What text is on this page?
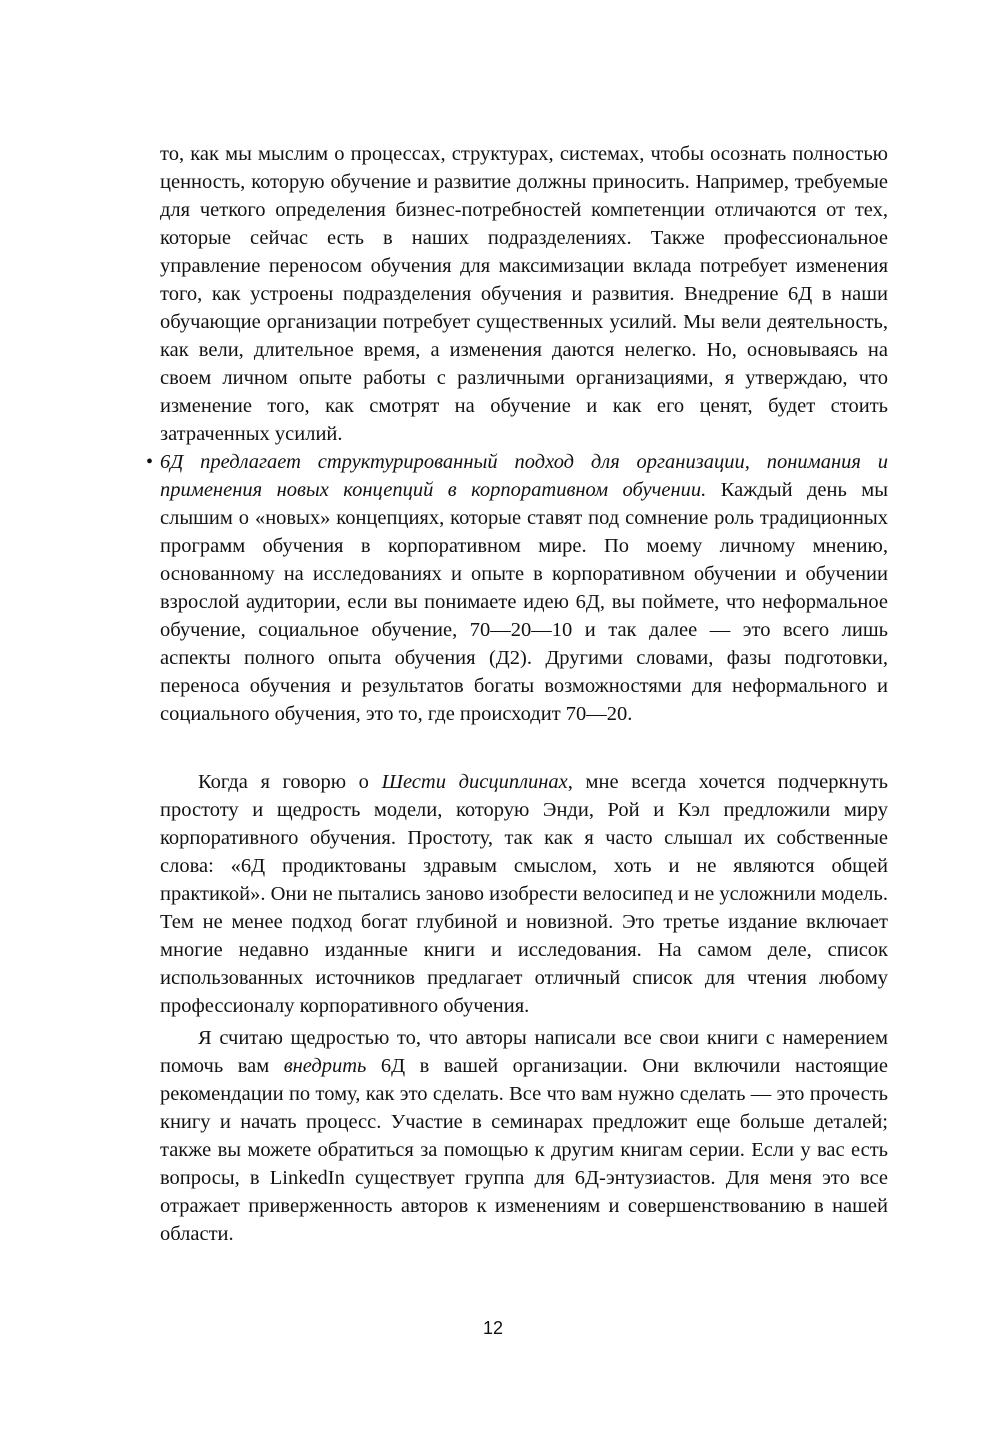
то, как мы мыслим о процессах, структурах, системах, чтобы осознать полностью ценность, которую обучение и развитие должны приносить. Например, требуемые для четкого определения бизнес-потребностей компетенции отличаются от тех, которые сейчас есть в наших подразделениях. Также профессиональное управление переносом обучения для максимизации вклада потребует изменения того, как устроены подразделения обучения и развития. Внедрение 6Д в наши обучающие организации потребует существенных усилий. Мы вели деятельность, как вели, длительное время, а изменения даются нелегко. Но, основываясь на своем личном опыте работы с различными организациями, я утверждаю, что изменение того, как смотрят на обучение и как его ценят, будет стоить затраченных усилий.

• 6Д предлагает структурированный подход для организации, понимания и применения новых концепций в корпоративном обучении. Каждый день мы слышим о «новых» концепциях, которые ставят под сомнение роль традиционных программ обучения в корпоративном мире. По моему личному мнению, основанному на исследованиях и опыте в корпоративном обучении и обучении взрослой аудитории, если вы понимаете идею 6Д, вы поймете, что неформальное обучение, социальное обучение, 70—20—10 и так далее — это всего лишь аспекты полного опыта обучения (Д2). Другими словами, фазы подготовки, переноса обучения и результатов богаты возможностями для неформального и социального обучения, это то, где происходит 70—20.

Когда я говорю о Шести дисциплинах, мне всегда хочется подчеркнуть простоту и щедрость модели, которую Энди, Рой и Кэл предложили миру корпоративного обучения. Простоту, так как я часто слышал их собственные слова: «6Д продиктованы здравым смыслом, хоть и не являются общей практикой». Они не пытались заново изобрести велосипед и не усложнили модель. Тем не менее подход богат глубиной и новизной. Это третье издание включает многие недавно изданные книги и исследования. На самом деле, список использованных источников предлагает отличный список для чтения любому профессионалу корпоративного обучения.

Я считаю щедростью то, что авторы написали все свои книги с намерением помочь вам внедрить 6Д в вашей организации. Они включили настоящие рекомендации по тому, как это сделать. Все что вам нужно сделать — это прочесть книгу и начать процесс. Участие в семинарах предложит еще больше деталей; также вы можете обратиться за помощью к другим книгам серии. Если у вас есть вопросы, в LinkedIn существует группа для 6Д-энтузиастов. Для меня это все отражает приверженность авторов к изменениям и совершенствованию в нашей области.

12
